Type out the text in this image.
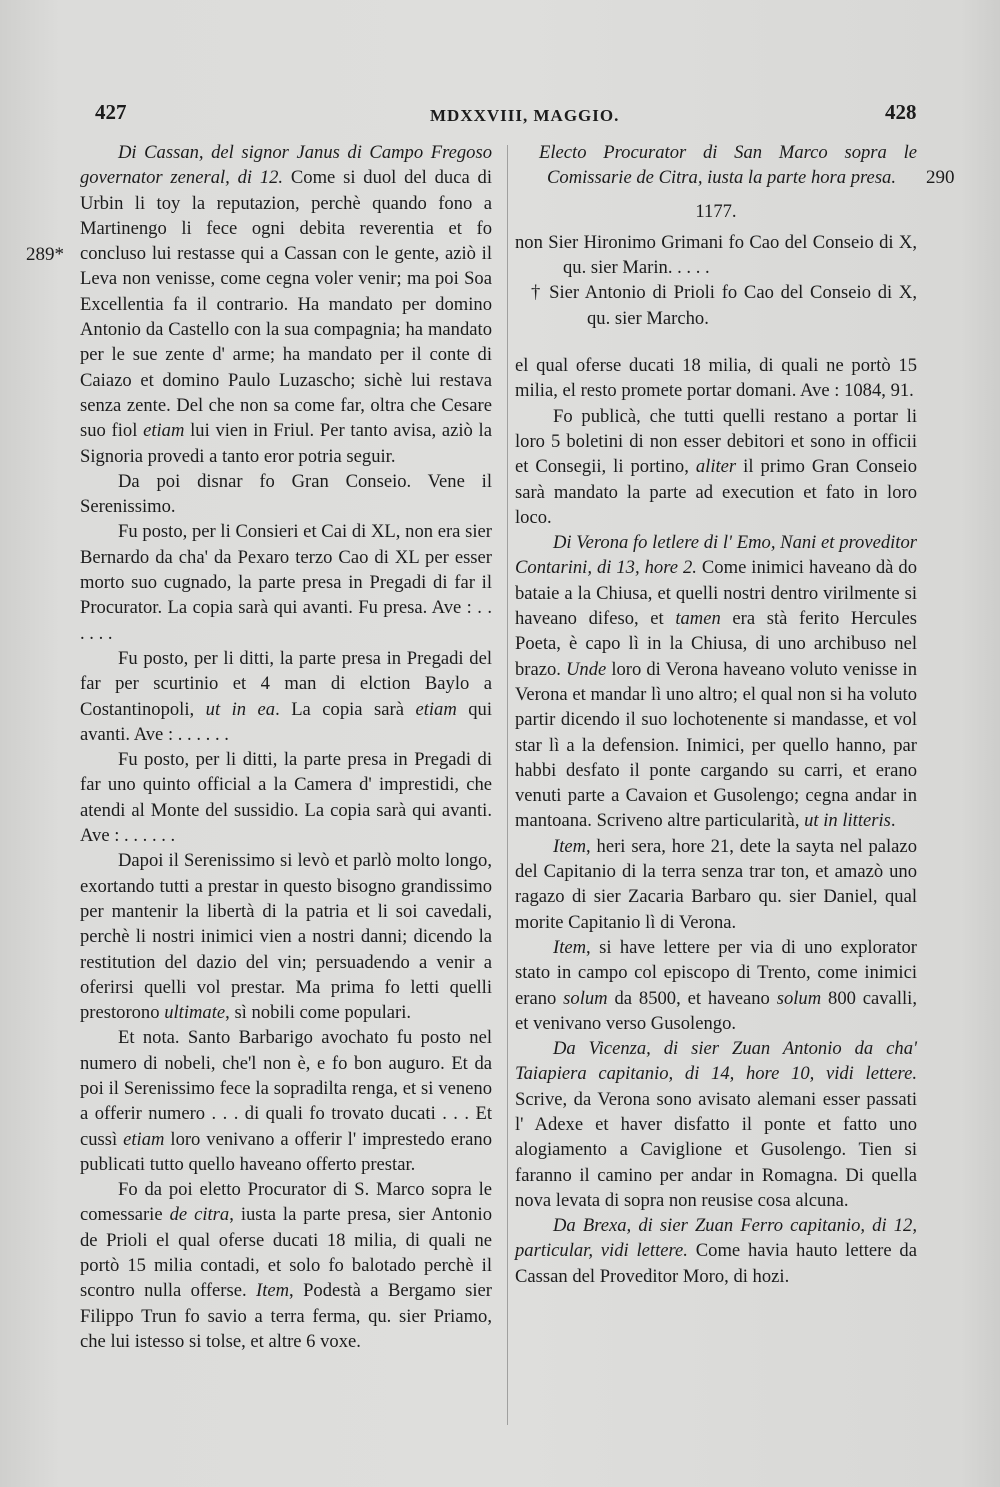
427	MDXXVIII, MAGGIO.	428
289*
290

Di Cassan, del signor Janus di Campo Fregoso governator zeneral, di 12. Come si duol del duca di Urbin li toy la reputazion, perchè quando fono a Martinengo li fece ogni debita reverentia et fo concluso lui restasse qui a Cassan con le gente, aziò il Leva non venisse, come cegna voler venir; ma poi Soa Excellentia fa il contrario. Ha mandato per domino Antonio da Castello con la sua compagnia; ha mandato per le sue zente d' arme; ha mandato per il conte di Caiazo et domino Paulo Luzascho; sichè lui restava senza zente. Del che non sa come far, oltra che Cesare suo fiol etiam lui vien in Friul. Per tanto avisa, aziò la Signoria provedi a tanto eror potria seguir.

Da poi disnar fo Gran Conseio. Vene il Serenissimo.

Fu posto, per li Consieri et Cai di XL, non era sier Bernardo da cha' da Pexaro terzo Cao di XL per esser morto suo cugnado, la parte presa in Pregadi di far il Procurator. La copia sarà qui avanti. Fu presa. Ave : . . . . . .

Fu posto, per li ditti, la parte presa in Pregadi del far per scurtinio et 4 man di elction Baylo a Costantinopoli, ut in ea. La copia sarà etiam qui avanti. Ave : . . . . . .

Fu posto, per li ditti, la parte presa in Pregadi di far uno quinto official a la Camera d' imprestidi, che atendi al Monte del sussidio. La copia sarà qui avanti. Ave : . . . . . .

Dapoi il Serenissimo si levò et parlò molto longo, exortando tutti a prestar in questo bisogno grandissimo per mantenir la libertà di la patria et li soi cavedali, perchè li nostri inimici vien a nostri danni; dicendo la restitution del dazio del vin; persuadendo a venir a oferirsi quelli vol prestar. Ma prima fo letti quelli prestorono ultimate, sì nobili come populari.

Et nota. Santo Barbarigo avochato fu posto nel numero di nobeli, che'l non è, e fo bon auguro. Et da poi il Serenissimo fece la sopradilta renga, et si veneno a offerir numero . . . di quali fo trovato ducati . . . Et cussì etiam loro venivano a offerir l' imprestedo erano publicati tutto quello haveano offerto prestar.

Fo da poi eletto Procurator di S. Marco sopra le comessarie de citra, iusta la parte presa, sier Antonio de Prioli el qual oferse ducati 18 milia, di quali ne portò 15 milia contadi, et solo fo balotado perchè il scontro nulla offerse. Item, Podestà a Bergamo sier Filippo Trun fo savio a terra ferma, qu. sier Priamo, che lui istesso si tolse, et altre 6 voxe.

Electo Procurator di San Marco sopra le Comissarie de Citra, iusta la parte hora presa.

1177.

non Sier Hironimo Grimani fo Cao del Conseio di X, qu. sier Marin. . . . .

† Sier Antonio di Prioli fo Cao del Conseio di X, qu. sier Marcho.

el qual oferse ducati 18 milia, di quali ne portò 15 milia, el resto promete portar domani. Ave : 1084, 91.

Fo publicà, che tutti quelli restano a portar li loro 5 boletini di non esser debitori et sono in officii et Consegii, li portino, aliter il primo Gran Conseio sarà mandato la parte ad execution et fato in loro loco.

Di Verona fo letlere di l' Emo, Nani et proveditor Contarini, di 13, hore 2. Come inimici haveano dà do bataie a la Chiusa, et quelli nostri dentro virilmente si haveano difeso, et tamen era stà ferito Hercules Poeta, è capo lì in la Chiusa, di uno archibuso nel brazo. Unde loro di Verona haveano voluto venisse in Verona et mandar lì uno altro; el qual non si ha voluto partir dicendo il suo lochotenente si mandasse, et vol star lì a la defension. Inimici, per quello hanno, par habbi desfato il ponte cargando su carri, et erano venuti parte a Cavaion et Gusolengo; cegna andar in mantoana. Scriveno altre particularità, ut in litteris.

Item, heri sera, hore 21, dete la sayta nel palazo del Capitanio di la terra senza trar ton, et amazò uno ragazo di sier Zacaria Barbaro qu. sier Daniel, qual morite Capitanio lì di Verona.

Item, si have lettere per via di uno explorator stato in campo col episcopo di Trento, come inimici erano solum da 8500, et haveano solum 800 cavalli, et venivano verso Gusolengo.

Da Vicenza, di sier Zuan Antonio da cha' Taiapiera capitanio, di 14, hore 10, vidi lettere. Scrive, da Verona sono avisato alemani esser passati l' Adexe et haver disfatto il ponte et fatto uno alogiamento a Caviglione et Gusolengo. Tien si faranno il camino per andar in Romagna. Di quella nova levata di sopra non reusise cosa alcuna.

Da Brexa, di sier Zuan Ferro capitanio, di 12, particular, vidi lettere. Come havia hauto lettere da Cassan del Proveditor Moro, di hozi.
